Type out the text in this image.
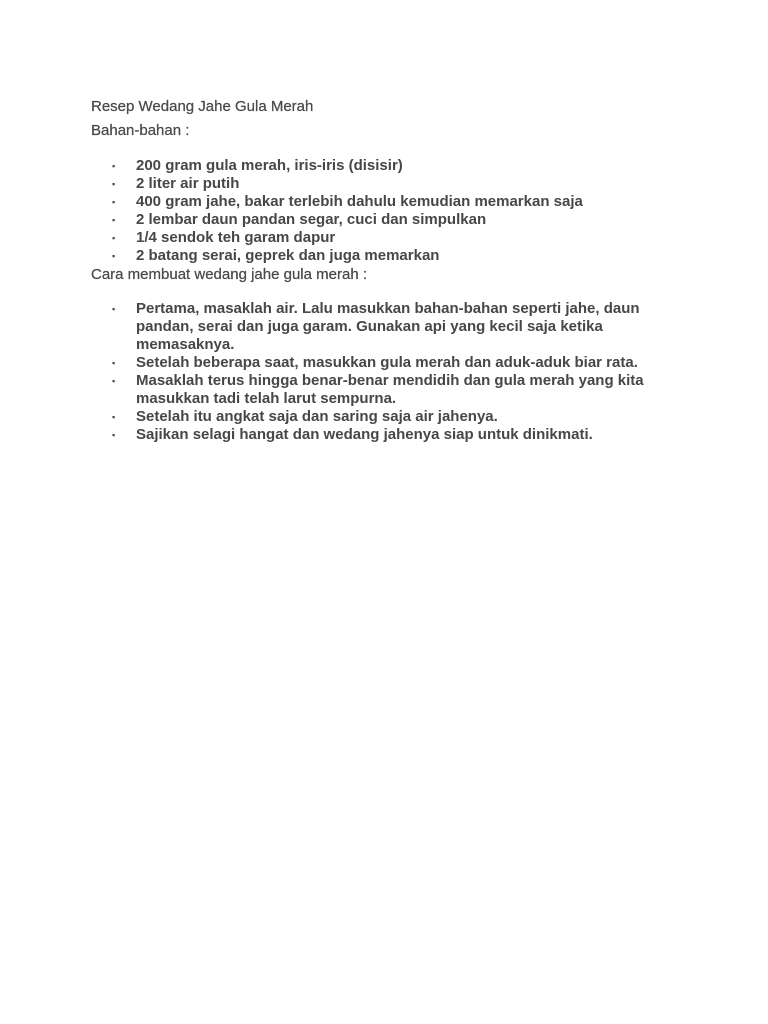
Resep Wedang Jahe Gula Merah

Bahan-bahan :

▪ 200 gram gula merah, iris-iris (disisir)
▪ 2 liter air putih
▪ 400 gram jahe, bakar terlebih dahulu kemudian memarkan saja
▪ 2 lembar daun pandan segar, cuci dan simpulkan
▪ 1/4 sendok teh garam dapur
▪ 2 batang serai, geprek dan juga memarkan

Cara membuat wedang jahe gula merah :

▪ Pertama, masaklah air. Lalu masukkan bahan-bahan seperti jahe, daun pandan, serai dan juga garam. Gunakan api yang kecil saja ketika memasaknya.
▪ Setelah beberapa saat, masukkan gula merah dan aduk-aduk biar rata.
▪ Masaklah terus hingga benar-benar mendidih dan gula merah yang kita masukkan tadi telah larut sempurna.
▪ Setelah itu angkat saja dan saring saja air jahenya.
▪ Sajikan selagi hangat dan wedang jahenya siap untuk dinikmati.
